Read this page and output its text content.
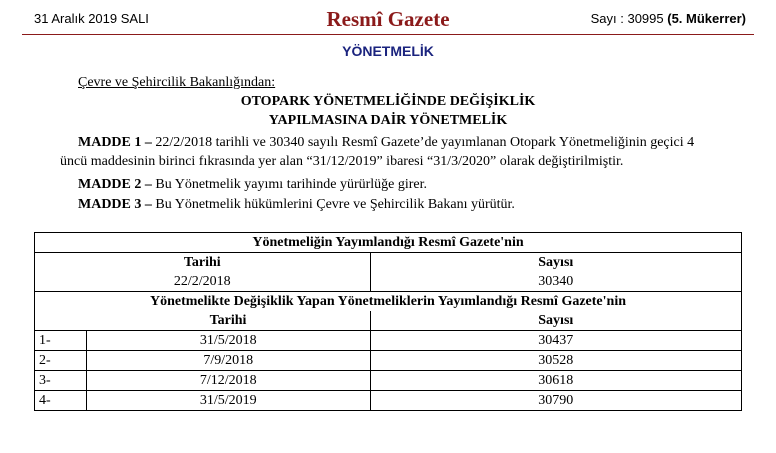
31 Aralık 2019 SALI	Resmî Gazete	Sayı : 30995 (5. Mükerrer)
YÖNETMELİK
Çevre ve Şehircilik Bakanlığından:
OTOPARK YÖNETMELİĞİNDE DEĞİŞİKLİK
YAPILMASINA DAİR YÖNETMELİK
MADDE 1 – 22/2/2018 tarihli ve 30340 sayılı Resmî Gazete’de yayımlanan Otopark Yönetmeliğinin geçici 4
üncü maddesinin birinci fıkrasında yer alan “31/12/2019” ibaresi “31/3/2020” olarak değiştirilmiştir.
MADDE 2 – Bu Yönetmelik yayımı tarihinde yürürlüğe girer.
MADDE 3 – Bu Yönetmelik hükümlerini Çevre ve Şehircilik Bakanı yürütür.
Yönetmeliğin Yayımlandığı Resmî Gazete'nin		
Tarihi		Sayısı
22/2/2018		30340
Yönetmelikte Değişiklik Yapan Yönetmeliklerin Yayımlandığı Resmî Gazete'nin		
	Tarihi	Sayısı
1-	31/5/2018	30437
2-	7/9/2018	30528
3-	7/12/2018	30618
4-	31/5/2019	30790
